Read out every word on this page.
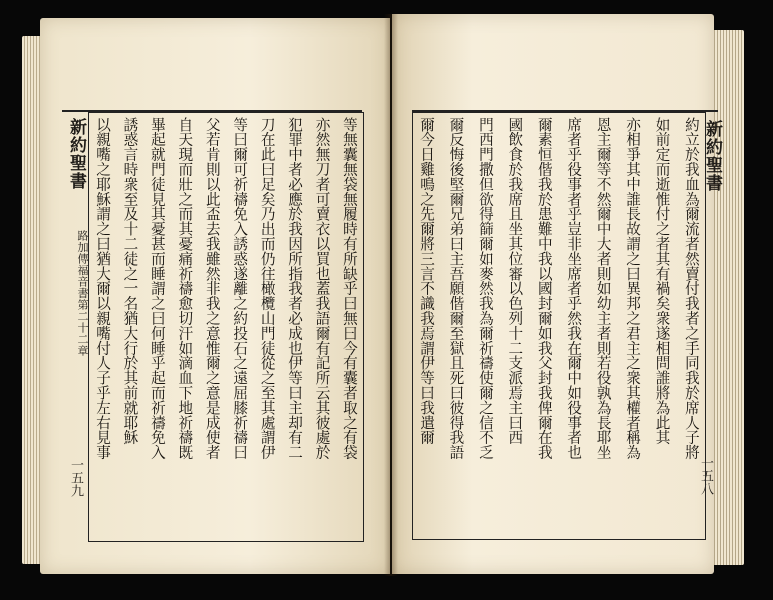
新約聖書
路加傳福音書第二十二章
一五九
等無囊無袋無履時有所缺乎曰無曰今有囊者取之有袋
亦然無刀者可賣衣以買也蓋我語爾有記所云其彼處於
犯罪中者必應於我因所指我者必成也伊等曰主却有二
刀在此曰足矣乃出而仍往橄欖山門徒從之至其處謂伊
等曰爾可祈禱免入誘惑遂離之約投石之遠屈膝祈禱曰
父若肯則以此盃去我雖然非我之意惟爾之意是成使者
自天現而壯之而其憂痛祈禱愈切汗如滴血下地祈禱既
畢起就門徒見其憂甚而睡謂之曰何睡乎起而祈禱免入
誘惑言時衆至及十二徒之一名猶大行於其前就耶穌
以親嘴之耶穌謂之曰猶大爾以親嘴付人子乎左右見事	新約聖書
一五八
約立於我血為爾流者然賣付我者之手同我於席人子將
如前定而逝惟付之者其有禍矣衆遂相問誰將為此其
亦相爭其中誰長故謂之曰異邦之君主之衆其權者稱為
恩主爾等不然爾中大者則如幼主者則若役孰為長耶坐
席者乎役事者乎豈非坐席者乎然我在爾中如役事者也
爾素恒偕我於患難中我以國封爾如我父封我俾爾在我
國飲食於我席且坐其位審以色列十二支派焉主曰西
門西門撒但欲得篩爾如麥然我為爾祈禱使爾之信不乏
爾反悔後堅爾兄弟曰主吾願偕爾至獄且死曰彼得我語
爾今日雞鳴之先爾將三言不識我焉謂伊等曰我遣爾
